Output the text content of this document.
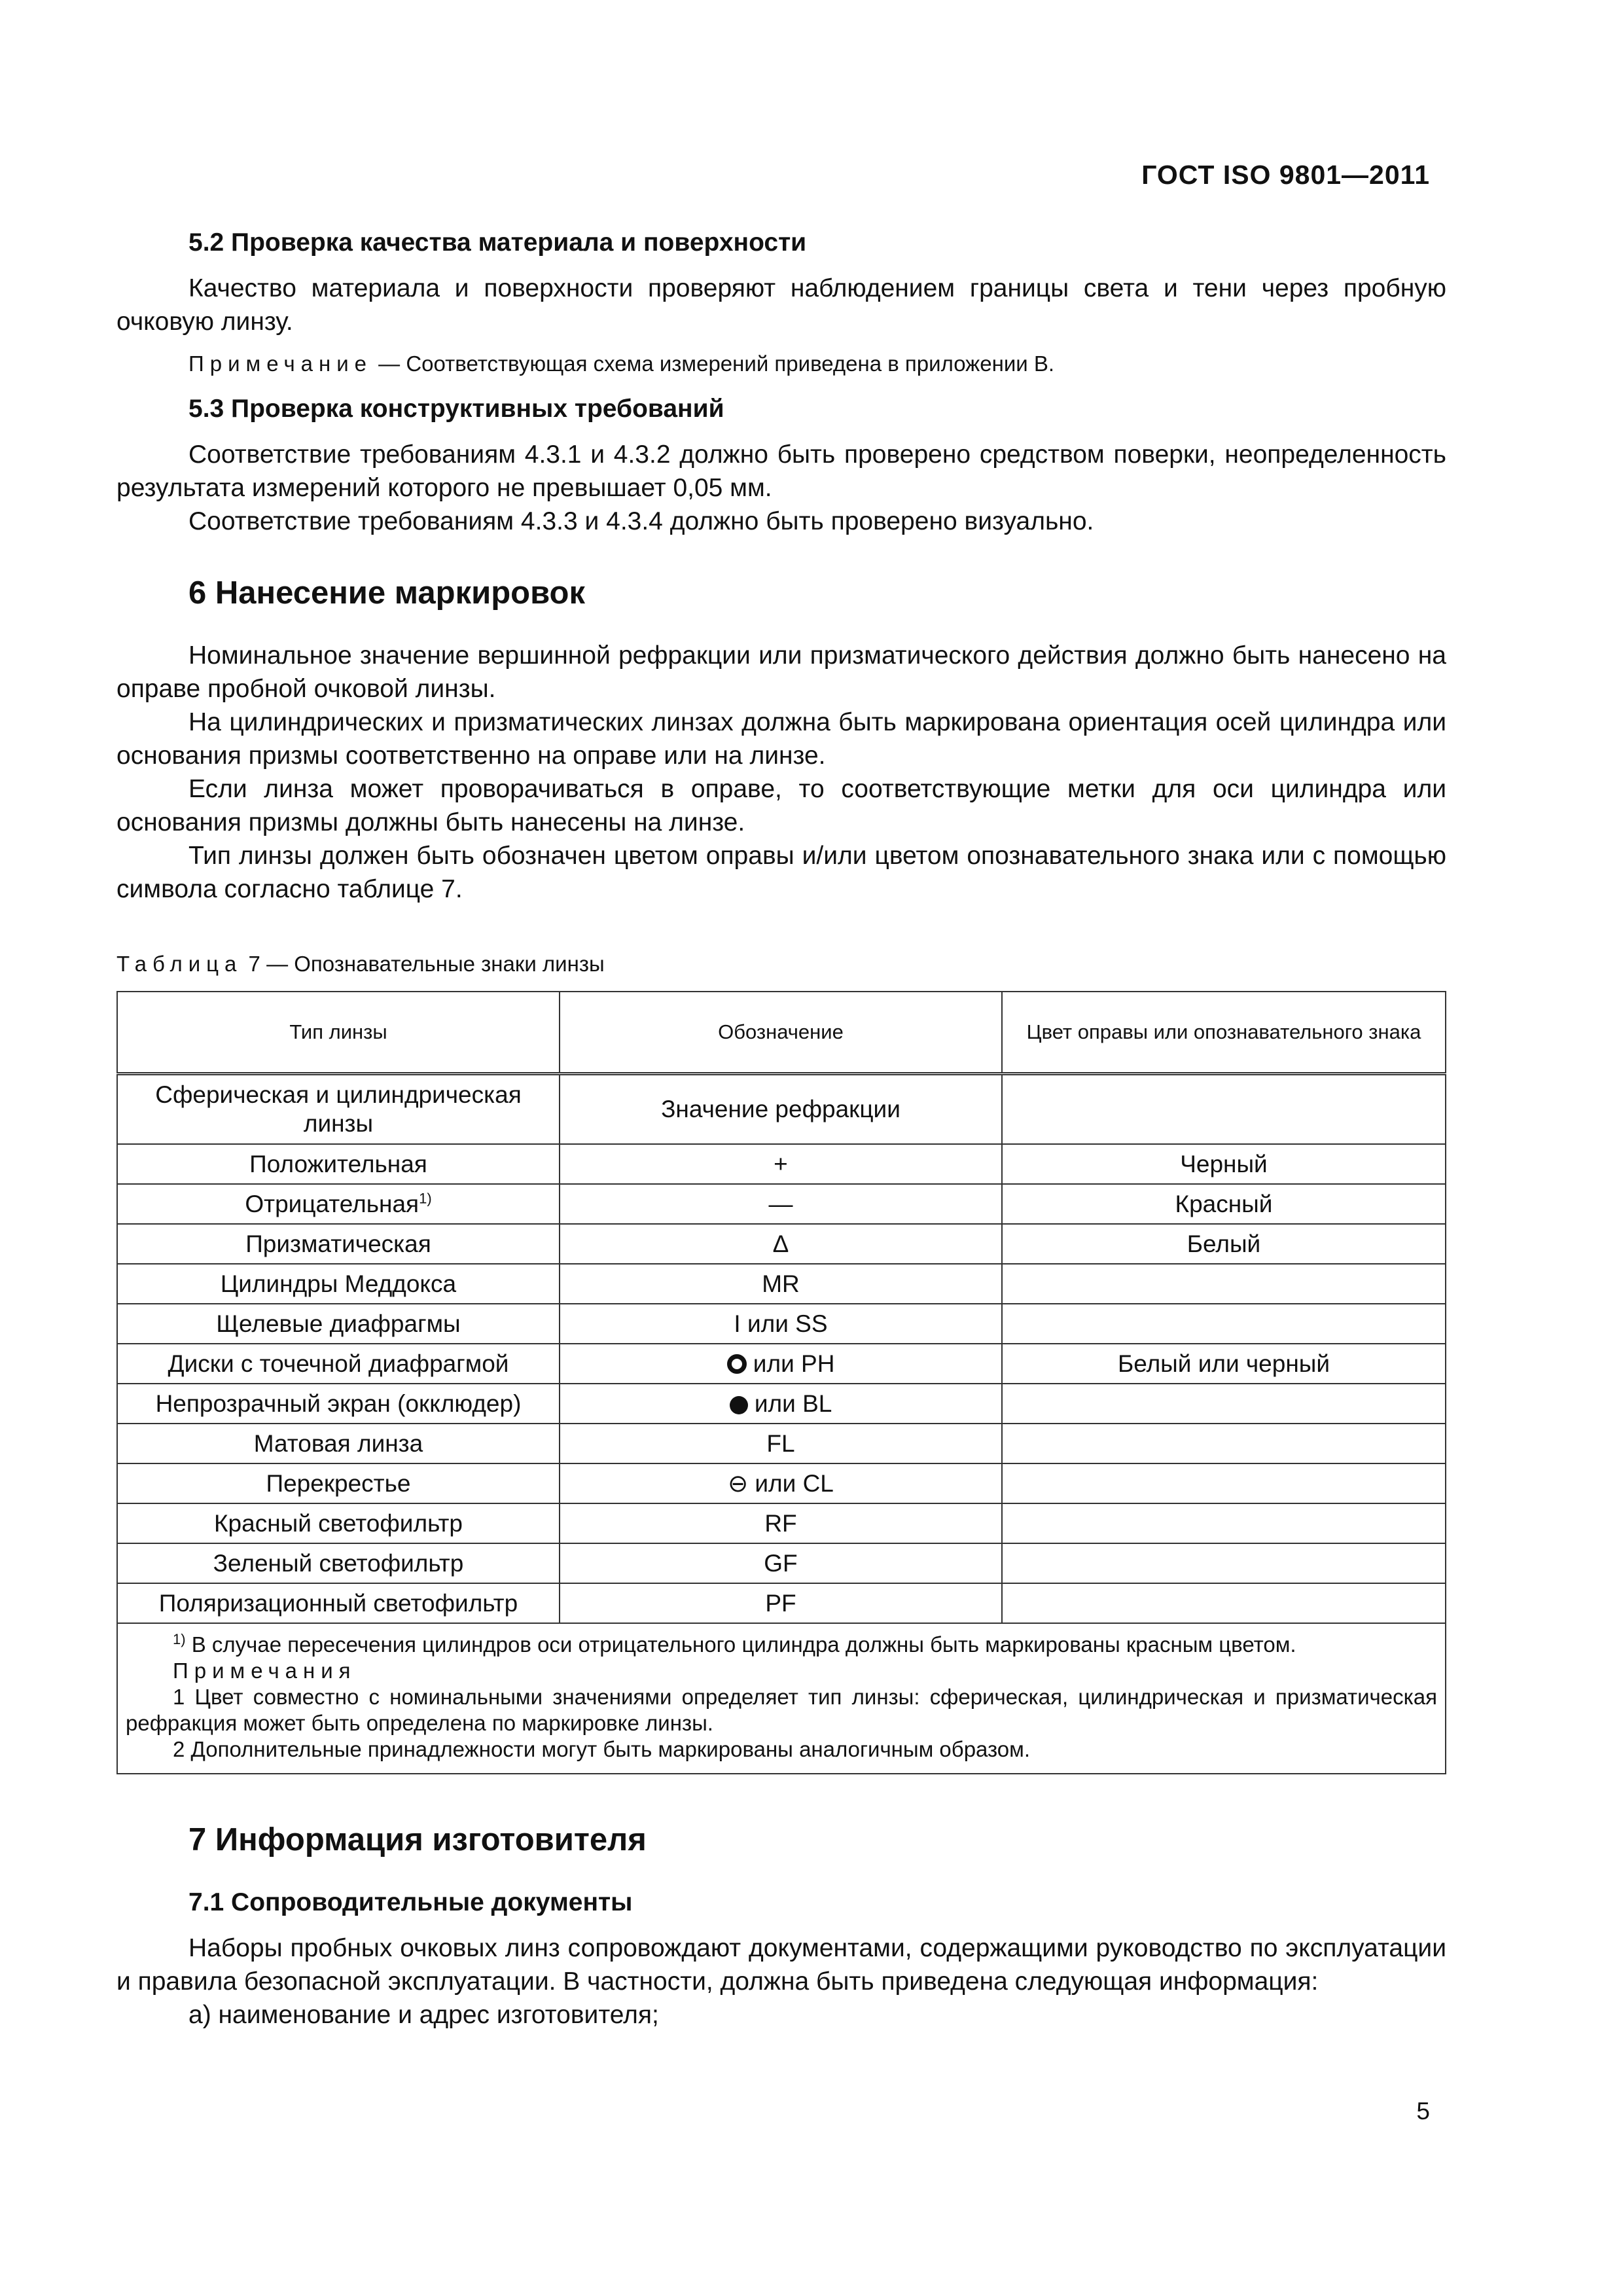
ГОСТ ISO 9801—2011
5.2 Проверка качества материала и поверхности

Качество материала и поверхности проверяют наблюдением границы света и тени через пробную очковую линзу.

Примечание — Соответствующая схема измерений приведена в приложении В.

5.3 Проверка конструктивных требований

Соответствие требованиям 4.3.1 и 4.3.2 должно быть проверено средством поверки, неопределенность результата измерений которого не превышает 0,05 мм.

Соответствие требованиям 4.3.3 и 4.3.4 должно быть проверено визуально.

6 Нанесение маркировок

Номинальное значение вершинной рефракции или призматического действия должно быть нанесено на оправе пробной очковой линзы.

На цилиндрических и призматических линзах должна быть маркирована ориентация осей цилиндра или основания призмы соответственно на оправе или на линзе.

Если линза может проворачиваться в оправе, то соответствующие метки для оси цилиндра или основания призмы должны быть нанесены на линзе.

Тип линзы должен быть обозначен цветом оправы и/или цветом опознавательного знака или с помощью символа согласно таблице 7.

Таблица 7 — Опознавательные знаки линзы
Тип линзы	Обозначение	Цвет оправы или опознавательного знака
Сферическая и цилиндрическая линзы	Значение рефракции	
Положительная	+	Черный
Отрицательная$^{1)}$	—	Красный
Призматическая	Δ	Белый
Цилиндры Меддокса	MR	
Щелевые диафрагмы	I или SS	
Диски с точечной диафрагмой	или PH	Белый или черный
Непрозрачный экран (окклюдер)	или BL	
Матовая линза	FL	
Перекрестье	⊖ или CL	
Красный светофильтр	RF	
Зеленый светофильтр	GF	
Поляризационный светофильтр	PF	

$^{1)}$ В случае пересечения цилиндров оси отрицательного цилиндра должны быть маркированы красным цветом.

Примечания

1 Цвет совместно с номинальными значениями определяет тип линзы: сферическая, цилиндрическая и призматическая рефракция может быть определена по маркировке линзы.

2 Дополнительные принадлежности могут быть маркированы аналогичным образом.		

7 Информация изготовителя
7.1 Сопроводительные документы

Наборы пробных очковых линз сопровождают документами, содержащими руководство по эксплуатации и правила безопасной эксплуатации. В частности, должна быть приведена следующая информация:

а) наименование и адрес изготовителя;
5
